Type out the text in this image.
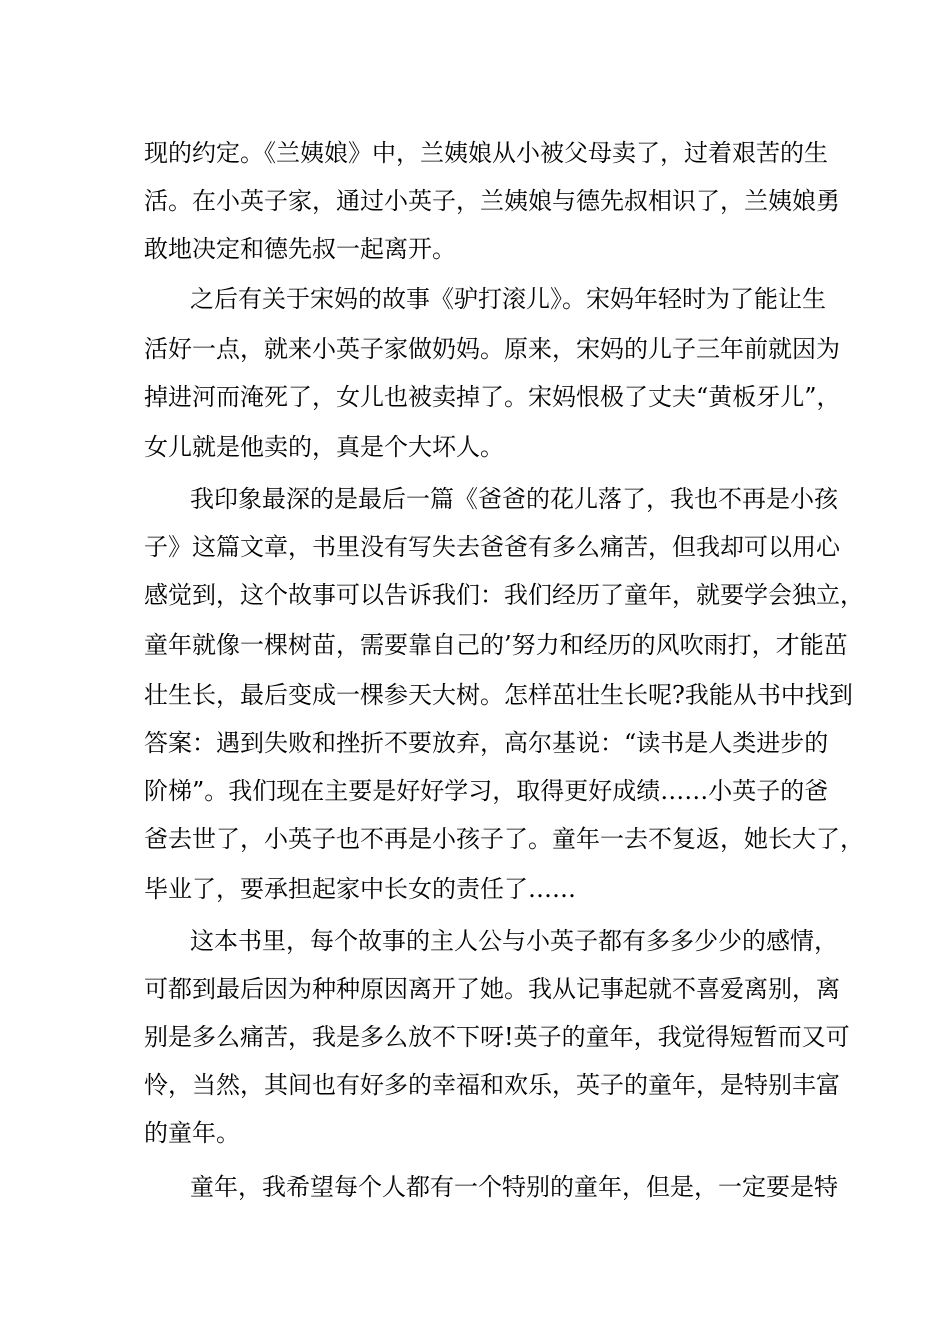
现的约定。《兰姨娘》中，兰姨娘从小被父母卖了，过着艰苦的生

活。在小英子家，通过小英子，兰姨娘与德先叔相识了，兰姨娘勇

敢地决定和德先叔一起离开。

之后有关于宋妈的故事《驴打滚儿》。宋妈年轻时为了能让生

活好一点，就来小英子家做奶妈。原来，宋妈的儿子三年前就因为

掉进河而淹死了，女儿也被卖掉了。宋妈恨极了丈夫“黄板牙儿”，

女儿就是他卖的，真是个大坏人。

我印象最深的是最后一篇《爸爸的花儿落了，我也不再是小孩

子》这篇文章，书里没有写失去爸爸有多么痛苦，但我却可以用心

感觉到，这个故事可以告诉我们：我们经历了童年，就要学会独立，

童年就像一棵树苗，需要靠自己的’努力和经历的风吹雨打，才能茁

壮生长，最后变成一棵参天大树。怎样茁壮生长呢?我能从书中找到

答案：遇到失败和挫折不要放弃，高尔基说：“读书是人类进步的

阶梯”。我们现在主要是好好学习，取得更好成绩……小英子的爸

爸去世了，小英子也不再是小孩子了。童年一去不复返，她长大了，

毕业了，要承担起家中长女的责任了……

这本书里，每个故事的主人公与小英子都有多多少少的感情，

可都到最后因为种种原因离开了她。我从记事起就不喜爱离别，离

别是多么痛苦，我是多么放不下呀!英子的童年，我觉得短暂而又可

怜，当然，其间也有好多的幸福和欢乐，英子的童年，是特别丰富

的童年。

童年，我希望每个人都有一个特别的童年，但是，一定要是特
